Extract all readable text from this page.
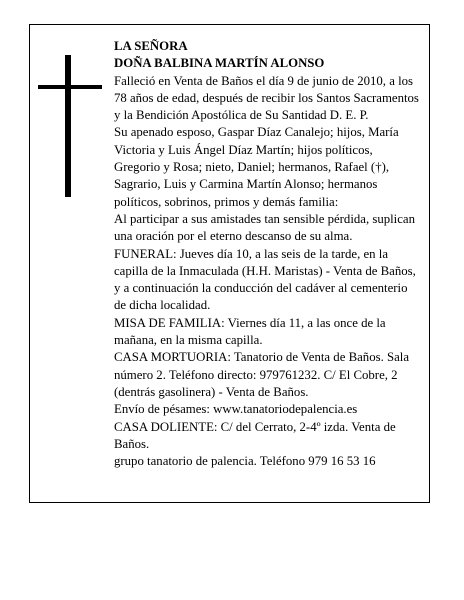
LA SEÑORA

DOÑA BALBINA MARTÍN ALONSO

Falleció en Venta de Baños el día 9 de junio de 2010, a los 78 años de edad, después de recibir los Santos Sacramentos y la Bendición Apostólica de Su Santidad D. E. P.

Su apenado esposo, Gaspar Díaz Canalejo; hijos, María Victoria y Luis Ángel Díaz Martín; hijos políticos, Gregorio y Rosa; nieto, Daniel; hermanos, Rafael (†), Sagrario, Luis y Carmina Martín Alonso; hermanos políticos, sobrinos, primos y demás familia:

Al participar a sus amistades tan sensible pérdida, suplican una oración por el eterno descanso de su alma.

FUNERAL: Jueves día 10, a las seis de la tarde, en la capilla de la Inmaculada (H.H. Maristas) - Venta de Baños, y a continuación la conducción del cadáver al cementerio de dicha localidad.

MISA DE FAMILIA: Viernes día 11, a las once de la mañana, en la misma capilla.

CASA MORTUORIA: Tanatorio de Venta de Baños. Sala número 2. Teléfono directo: 979761232. C/ El Cobre, 2 (dentrás gasolinera) - Venta de Baños.

Envío de pésames: www.tanatoriodepalencia.es

CASA DOLIENTE: C/ del Cerrato, 2-4º izda. Venta de Baños.

grupo tanatorio de palencia. Teléfono 979 16 53 16
